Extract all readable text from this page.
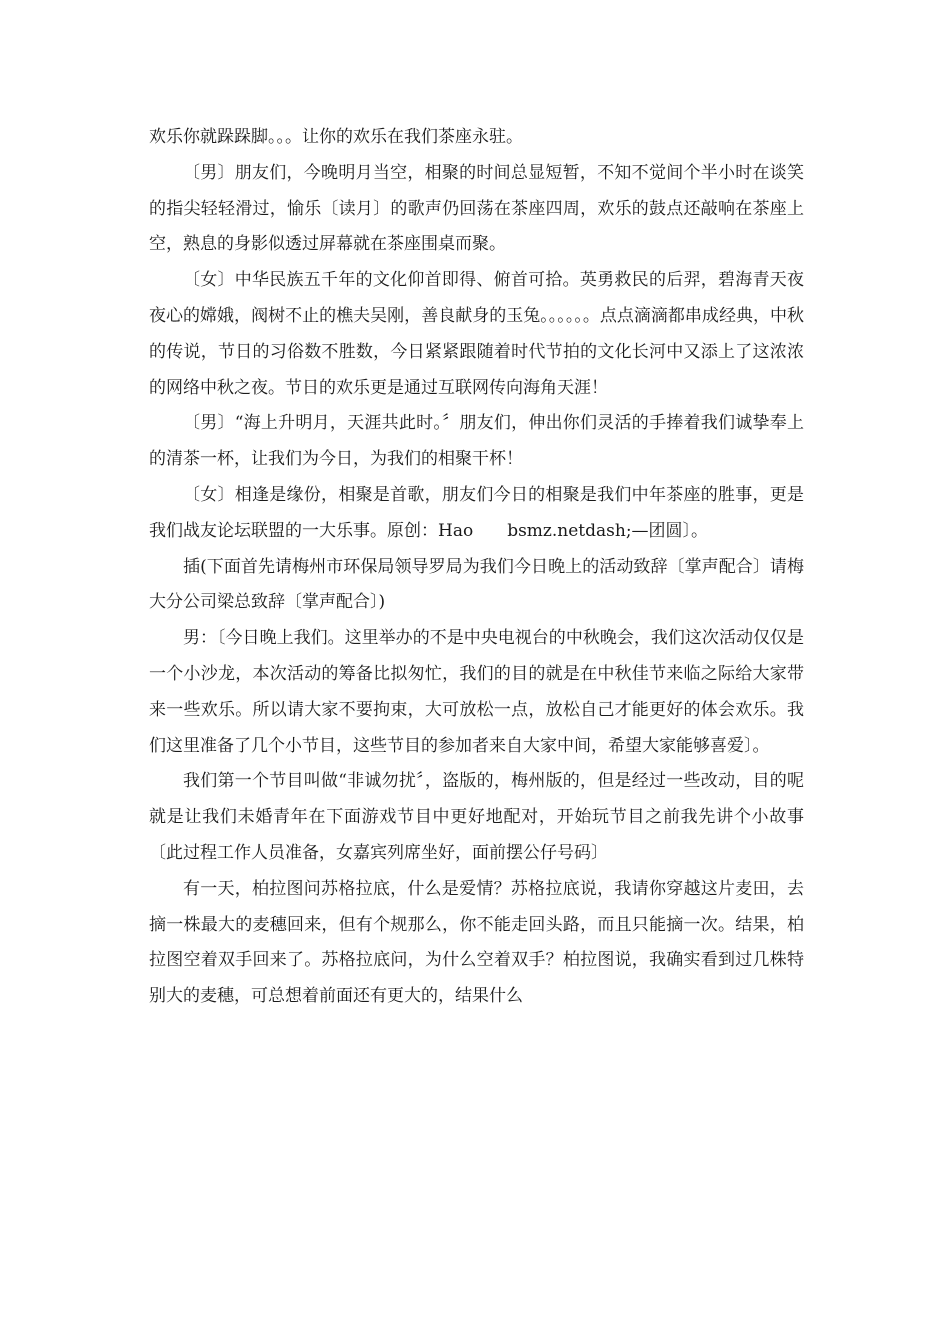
欢乐你就跺跺脚。。。让你的欢乐在我们茶座永驻。

〔男〕朋友们，今晚明月当空，相聚的时间总显短暂，不知不觉间个半小时在谈笑的指尖轻轻滑过，愉乐〔读月〕的歌声仍回荡在茶座四周，欢乐的鼓点还敲响在茶座上空，熟息的身影似透过屏幕就在茶座围桌而聚。

〔女〕中华民族五千年的文化仰首即得、俯首可拾。英勇救民的后羿，碧海青天夜夜心的嫦娥，阀树不止的樵夫吴刚，善良献身的玉兔。。。。。。点点滴滴都串成经典，中秋的传说，节日的习俗数不胜数，今日紧紧跟随着时代节拍的文化长河中又添上了这浓浓的网络中秋之夜。节日的欢乐更是通过互联网传向海角天涯！

〔男〕“海上升明月，天涯共此时。〞朋友们，伸出你们灵活的手捧着我们诚挚奉上的清茶一杯，让我们为今日，为我们的相聚干杯！

〔女〕相逢是缘份，相聚是首歌，朋友们今日的相聚是我们中年茶座的胜事，更是我们战友论坛联盟的一大乐事。原创：Hao　　bsmz.netdash;—团圆〕。

插(下面首先请梅州市环保局领导罗局为我们今日晚上的活动致辞〔掌声配合〕请梅大分公司梁总致辞〔掌声配合〕)

男：〔今日晚上我们。这里举办的不是中央电视台的中秋晚会，我们这次活动仅仅是一个小沙龙，本次活动的筹备比拟匆忙，我们的目的就是在中秋佳节来临之际给大家带来一些欢乐。所以请大家不要拘束，大可放松一点，放松自己才能更好的体会欢乐。我们这里准备了几个小节目，这些节目的参加者来自大家中间，希望大家能够喜爱〕。

我们第一个节目叫做“非诚勿扰〞，盗版的，梅州版的，但是经过一些改动，目的呢就是让我们未婚青年在下面游戏节目中更好地配对，开始玩节目之前我先讲个小故事〔此过程工作人员准备，女嘉宾列席坐好，面前摆公仔号码〕

有一天，柏拉图问苏格拉底，什么是爱情？苏格拉底说，我请你穿越这片麦田，去摘一株最大的麦穗回来，但有个规那么，你不能走回头路，而且只能摘一次。结果，柏拉图空着双手回来了。苏格拉底问，为什么空着双手？柏拉图说，我确实看到过几株特别大的麦穗，可总想着前面还有更大的，结果什么
